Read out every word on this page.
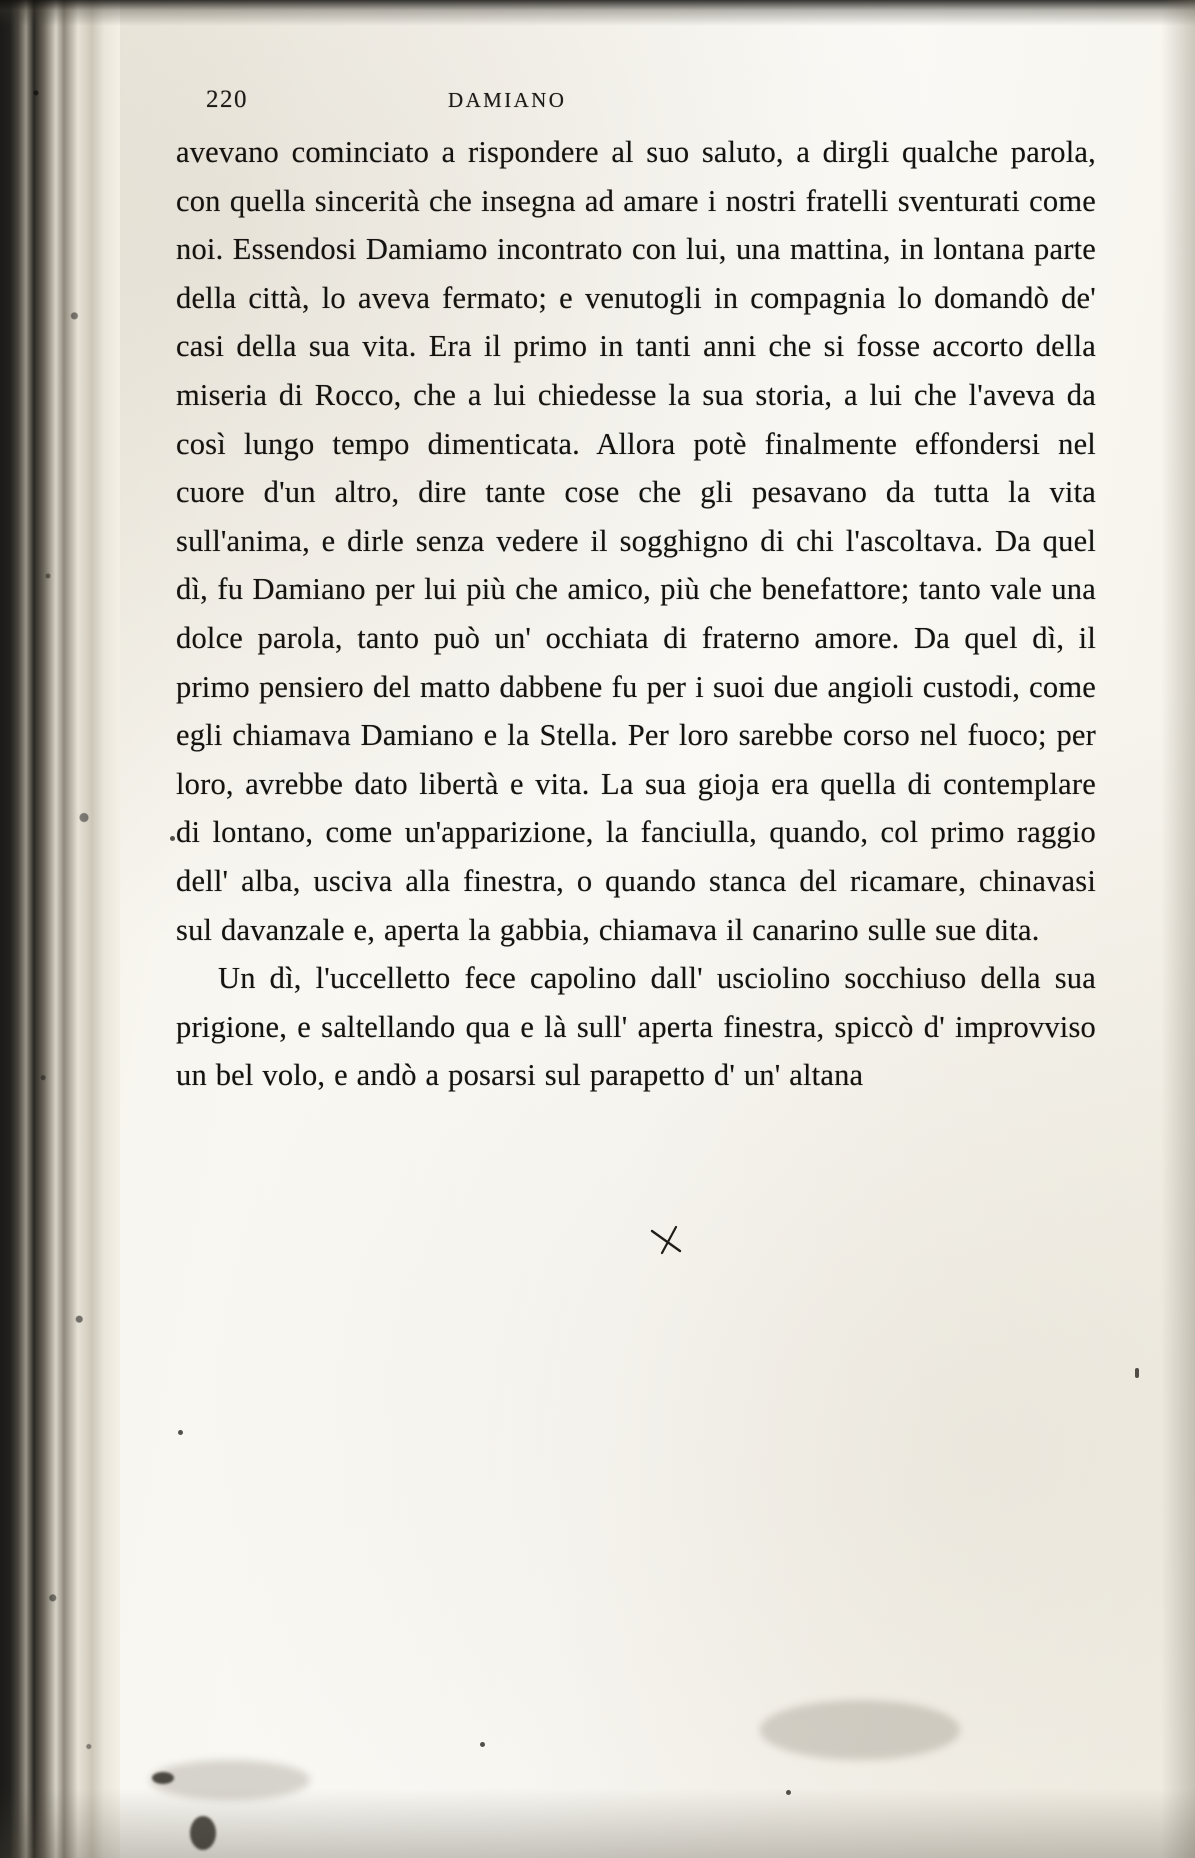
220	DAMIANO

avevano cominciato a rispondere al suo saluto, a dirgli qualche parola, con quella sincerità che insegna ad amare i nostri fratelli sventurati come noi. Essendosi Damiamo incontrato con lui, una mattina, in lontana parte della città, lo aveva fermato; e venutogli in compagnia lo domandò de' casi della sua vita. Era il primo in tanti anni che si fosse accorto della miseria di Rocco, che a lui chiedesse la sua storia, a lui che l'aveva da così lungo tempo dimenticata. Allora potè finalmente effondersi nel cuore d'un altro, dire tante cose che gli pesavano da tutta la vita sull'anima, e dirle senza vedere il sogghigno di chi l'ascoltava. Da quel dì, fu Damiano per lui più che amico, più che benefattore; tanto vale una dolce parola, tanto può un' occhiata di fraterno amore. Da quel dì, il primo pensiero del matto dabbene fu per i suoi due angioli custodi, come egli chiamava Damiano e la Stella. Per loro sarebbe corso nel fuoco; per loro, avrebbe dato libertà e vita. La sua gioja era quella di contemplare di lontano, come un'apparizione, la fanciulla, quando, col primo raggio dell' alba, usciva alla finestra, o quando stanca del ricamare, chinavasi sul davanzale e, aperta la gabbia, chiamava il canarino sulle sue dita.

Un dì, l'uccelletto fece capolino dall' usciolino socchiuso della sua prigione, e saltellando qua e là sull' aperta finestra, spiccò d' improvviso un bel volo, e andò a posarsi sul parapetto d' un' altana
